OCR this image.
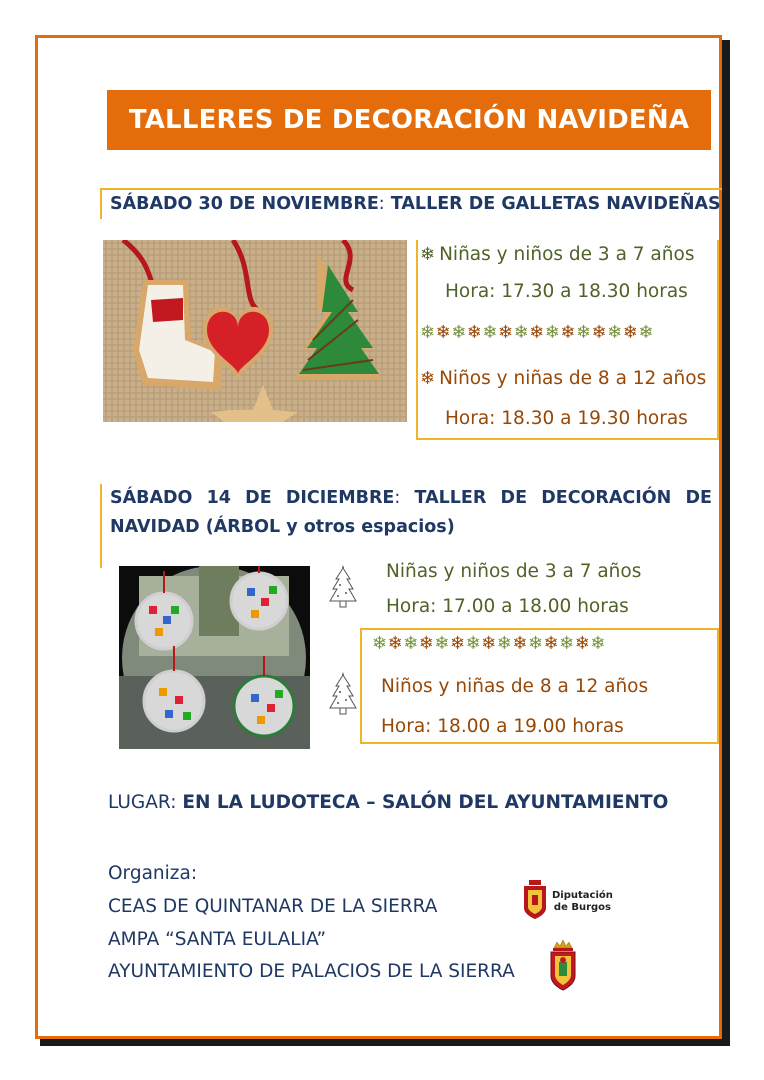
TALLERES DE DECORACIÓN NAVIDEÑA
SÁBADO 30 DE NOVIEMBRE: TALLER DE GALLETAS NAVIDEÑAS
❄ Niñas y niños de 3 a 7 años
Hora: 17.30 a 18.30 horas
❄❄❄❄❄❄❄❄❄❄❄❄❄❄❄
❄ Niños y niñas de 8 a 12 años
Hora: 18.30 a 19.30 horas
SÁBADO 14 DE DICIEMBRE: TALLER DE DECORACIÓN DE NAVIDAD (ÁRBOL y otros espacios)
Niñas y niños de 3 a 7 años
Hora: 17.00 a 18.00 horas
❄❄❄❄❄❄❄❄❄❄❄❄❄❄❄
Niños y niñas de 8 a 12 años
Hora: 18.00 a 19.00 horas
LUGAR: EN LA LUDOTECA – SALÓN DEL AYUNTAMIENTO
Organiza:
CEAS DE QUINTANAR DE LA SIERRA
AMPA “SANTA EULALIA”
AYUNTAMIENTO DE PALACIOS DE LA SIERRA
Diputación
de Burgos
